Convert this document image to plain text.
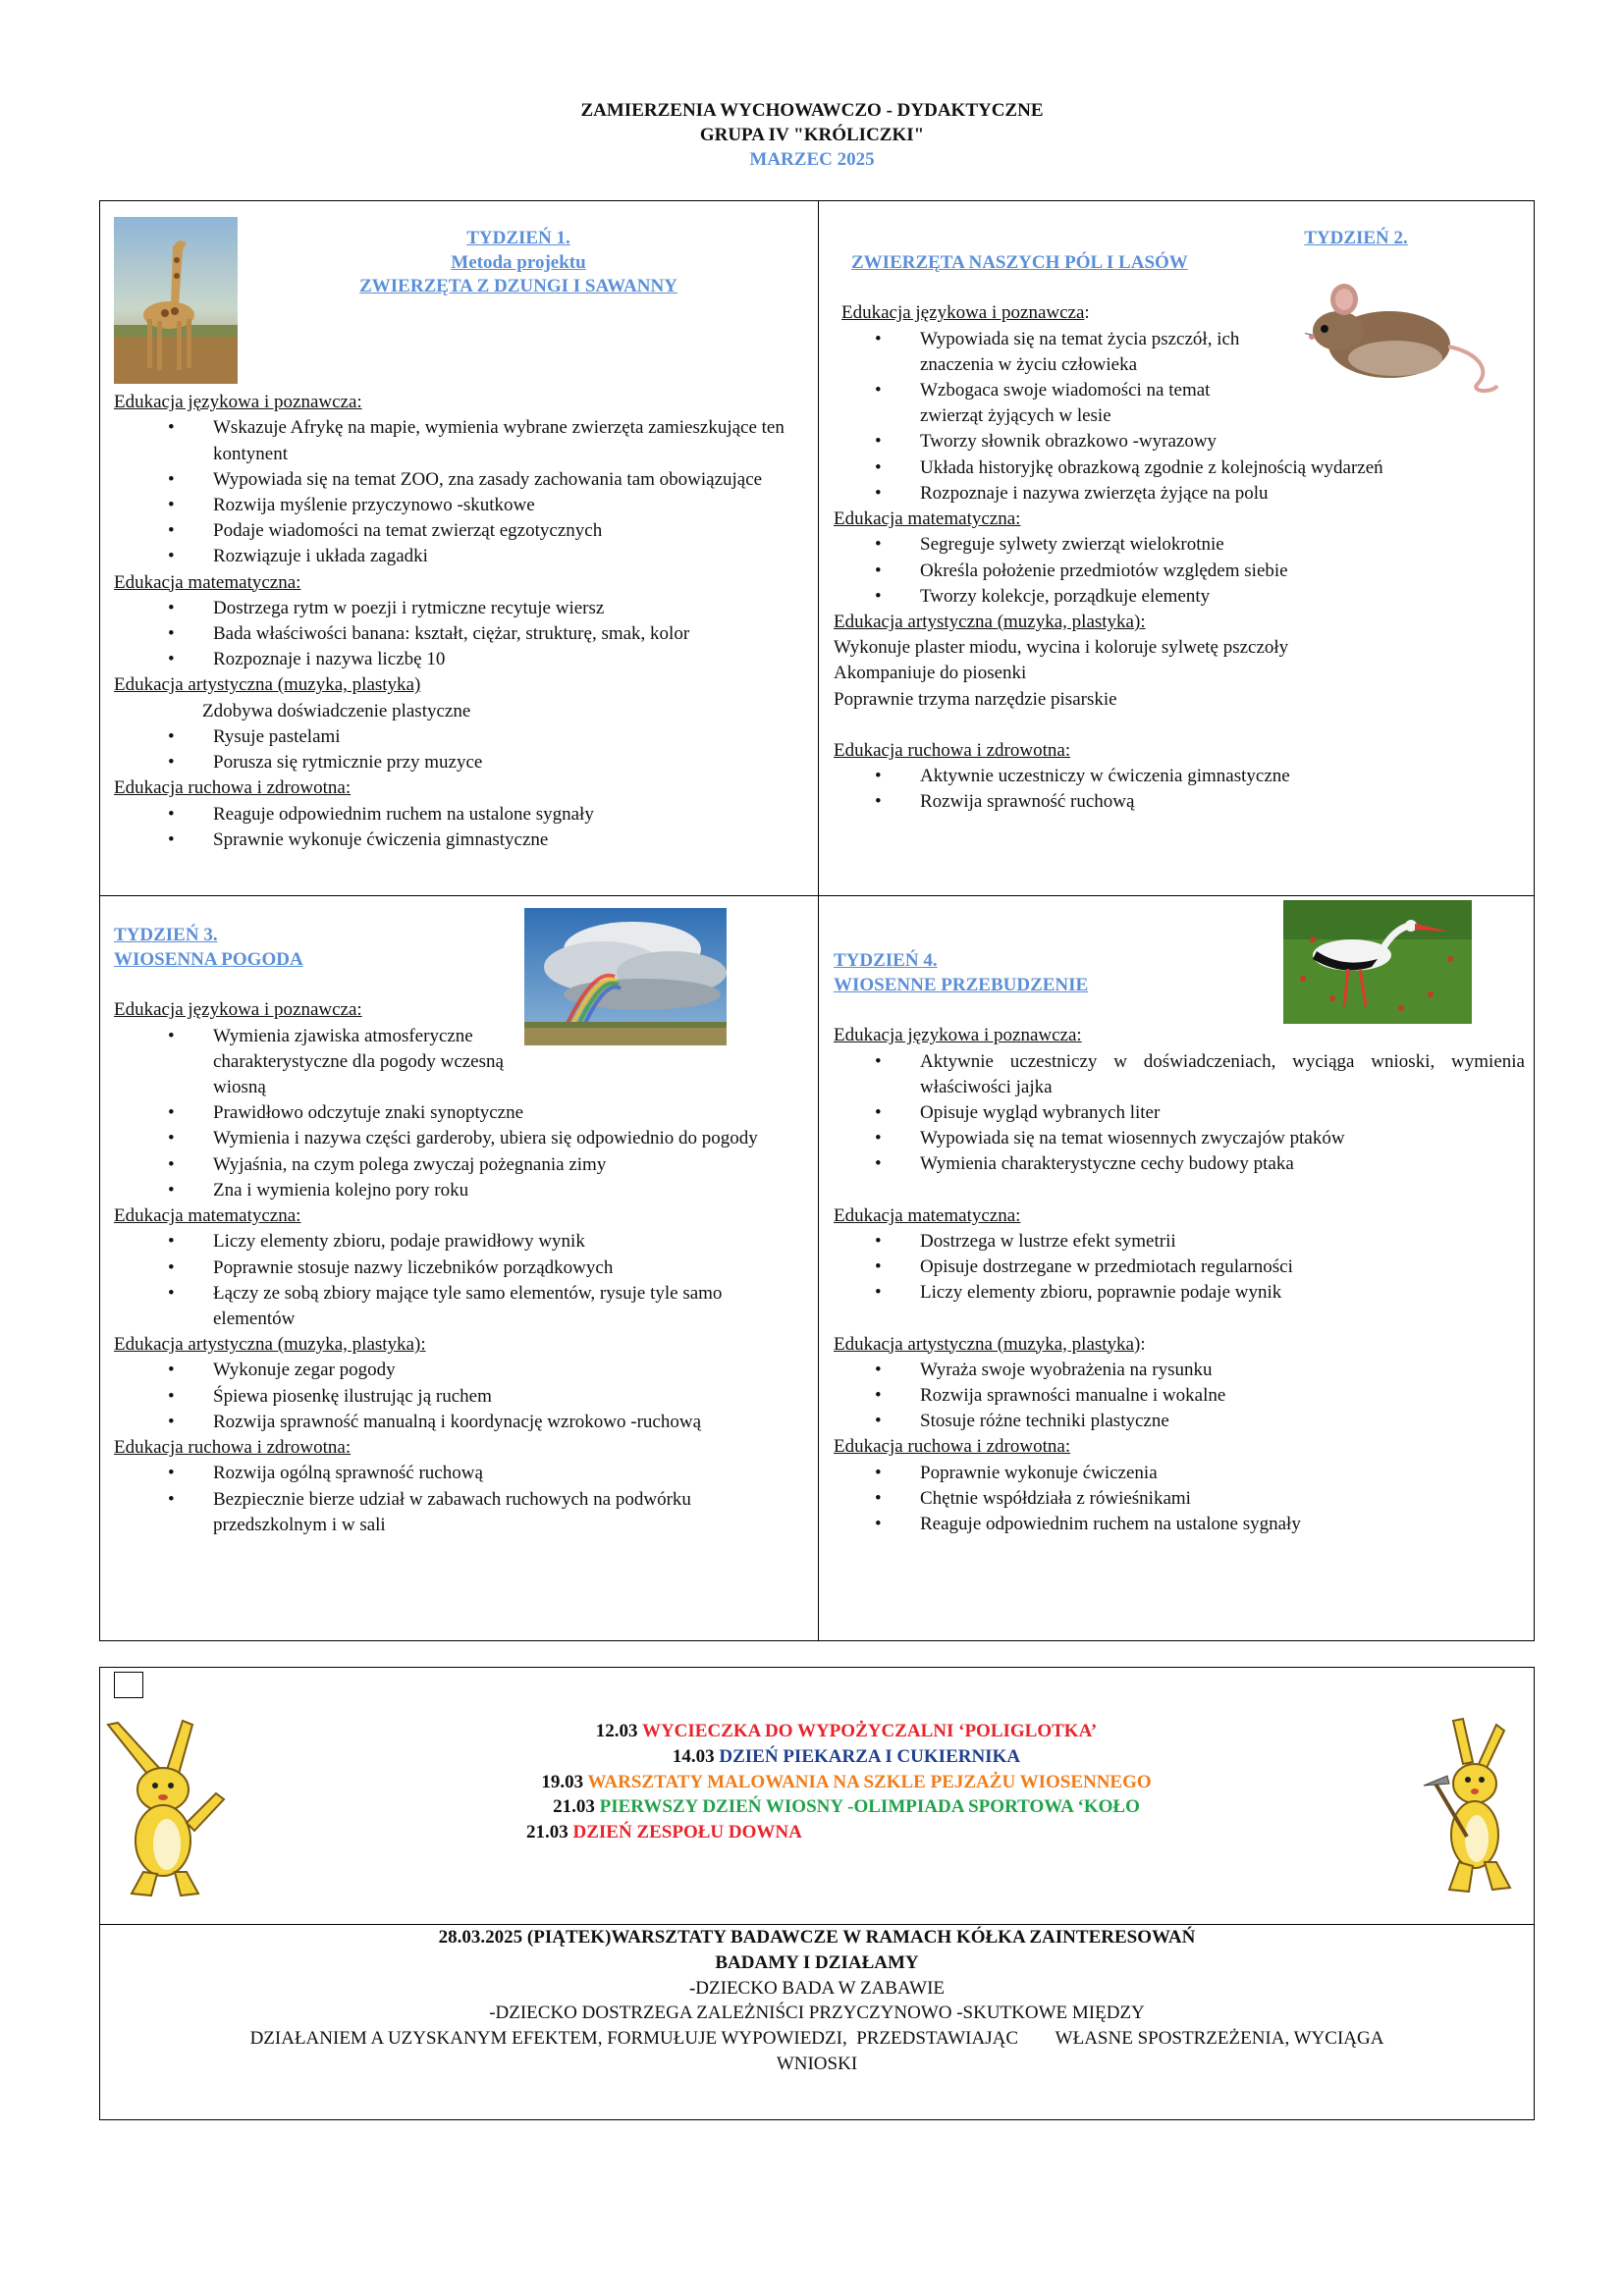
ZAMIERZENIA WYCHOWAWCZO - DYDAKTYCZNE
GRUPA IV "KRÓLICZKI"
MARZEC 2025
TYDZIEŃ 1.
Metoda projektu
ZWIERZĘTA Z DZUNGI I SAWANNY
Edukacja językowa i poznawcza:
• Wskazuje Afrykę na mapie, wymienia wybrane zwierzęta zamieszkujące ten kontynent
• Wypowiada się na temat ZOO, zna zasady zachowania tam obowiązujące
• Rozwija myślenie przyczynowo -skutkowe
• Podaje wiadomości na temat zwierząt egzotycznych
• Rozwiązuje i układa zagadki
Edukacja matematyczna:
• Dostrzega rytm w poezji i rytmiczne recytuje wiersz
• Bada właściwości banana: kształt, ciężar, strukturę, smak, kolor
• Rozpoznaje i nazywa liczbę 10
Edukacja artystyczna (muzyka, plastyka)
Zdobywa doświadczenie plastyczne
• Rysuje pastelami
• Porusza się rytmicznie przy muzyce
Edukacja ruchowa i zdrowotna:
• Reaguje odpowiednim ruchem na ustalone sygnały
• Sprawnie wykonuje ćwiczenia gimnastyczne
TYDZIEŃ 2.
ZWIERZĘTA NASZYCH PÓL I LASÓW
Edukacja językowa i poznawcza:
• Wypowiada się na temat życia pszczół, ich znaczenia w życiu człowieka
• Wzbogaca swoje wiadomości na temat zwierząt żyjących w lesie
• Tworzy słownik obrazkowo -wyrazowy
• Układa historyjkę obrazkową zgodnie z kolejnością wydarzeń
• Rozpoznaje i nazywa zwierzęta żyjące na polu
Edukacja matematyczna:
• Segreguje sylwety zwierząt wielokrotnie
• Określa położenie przedmiotów względem siebie
• Tworzy kolekcje, porządkuje elementy
Edukacja artystyczna (muzyka, plastyka):
Wykonuje plaster miodu, wycina i koloruje sylwetę pszczoły
Akompaniuje do piosenki
Poprawnie trzyma narzędzie pisarskie
Edukacja ruchowa i zdrowotna:
• Aktywnie uczestniczy w ćwiczenia gimnastyczne
• Rozwija sprawność ruchową
TYDZIEŃ 3.
WIOSENNA POGODA
Edukacja językowa i poznawcza:
• Wymienia zjawiska atmosferyczne charakterystyczne dla pogody wczesną wiosną
• Prawidłowo odczytuje znaki synoptyczne
• Wymienia i nazywa części garderoby, ubiera się odpowiednio do pogody
• Wyjaśnia, na czym polega zwyczaj pożegnania zimy
• Zna i wymienia kolejno pory roku
Edukacja matematyczna:
• Liczy elementy zbioru, podaje prawidłowy wynik
• Poprawnie stosuje nazwy liczebników porządkowych
• Łączy ze sobą zbiory mające tyle samo elementów, rysuje tyle samo elementów
Edukacja artystyczna (muzyka, plastyka):
• Wykonuje zegar pogody
• Śpiewa piosenkę ilustrując ją ruchem
• Rozwija sprawność manualną i koordynację wzrokowo -ruchową
Edukacja ruchowa i zdrowotna:
• Rozwija ogólną sprawność ruchową
• Bezpiecznie bierze udział w zabawach ruchowych na podwórku przedszkolnym i w sali
TYDZIEŃ 4.
WIOSENNE PRZEBUDZENIE
Edukacja językowa i poznawcza:
• Aktywnie uczestniczy w doświadczeniach, wyciąga wnioski, wymienia właściwości jajka
• Opisuje wygląd wybranych liter
• Wypowiada się na temat wiosennych zwyczajów ptaków
• Wymienia charakterystyczne cechy budowy ptaka
Edukacja matematyczna:
• Dostrzega w lustrze efekt symetrii
• Opisuje dostrzegane w przedmiotach regularności
• Liczy elementy zbioru, poprawnie podaje wynik
Edukacja artystyczna (muzyka, plastyka):
• Wyraża swoje wyobrażenia na rysunku
• Rozwija sprawności manualne i wokalne
• Stosuje różne techniki plastyczne
Edukacja ruchowa i zdrowotna:
• Poprawnie wykonuje ćwiczenia
• Chętnie współdziała z rówieśnikami
• Reaguje odpowiednim ruchem na ustalone sygnały
12.03 WYCIECZKA DO WYPOŻYCZALNI ‘POLIGLOTKA’
14.03 DZIEŃ PIEKARZA I CUKIERNIKA
19.03 WARSZTATY MALOWANIA NA SZKLE PEJZAŻU WIOSENNEGO
21.03 PIERWSZY DZIEŃ WIOSNY -OLIMPIADA SPORTOWA ‘KOŁO
21.03 DZIEŃ ZESPOŁU DOWNA
28.03.2025 (PIĄTEK)WARSZTATY BADAWCZE W RAMACH KÓŁKA ZAINTERESOWAŃ
BADAMY I DZIAŁAMY
-DZIECKO BADA W ZABAWIE
-DZIECKO DOSTRZEGA ZALEŻNIŚCI PRZYCZYNOWO -SKUTKOWE MIĘDZY
DZIAŁANIEM A UZYSKANYM EFEKTEM, FORMUŁUJE WYPOWIEDZI,  PRZEDSTAWIAJĄC        WŁASNE SPOSTRZEŻENIA, WYCIĄGA
WNIOSKI
